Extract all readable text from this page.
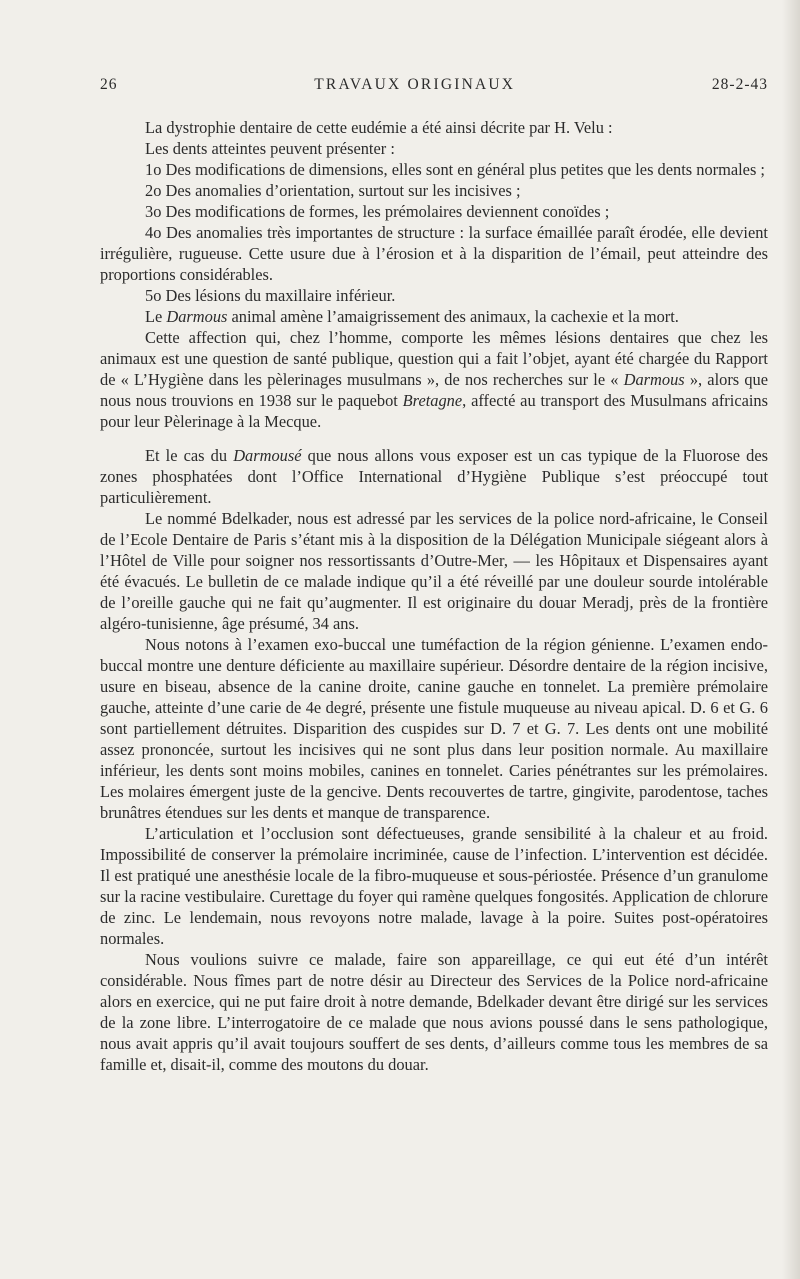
26	TRAVAUX ORIGINAUX	28-2-43

La dystrophie dentaire de cette eudémie a été ainsi décrite par H. Velu :

Les dents atteintes peuvent présenter :

1o Des modifications de dimensions, elles sont en général plus petites que les dents normales ;

2o Des anomalies d’orientation, surtout sur les incisives ;

3o Des modifications de formes, les prémolaires deviennent conoïdes ;

4o Des anomalies très importantes de structure : la surface émaillée paraît érodée, elle devient irrégulière, rugueuse. Cette usure due à l’érosion et à la disparition de l’émail, peut atteindre des proportions considérables.

5o Des lésions du maxillaire inférieur.

Le Darmous animal amène l’amaigrissement des animaux, la cachexie et la mort.

Cette affection qui, chez l’homme, comporte les mêmes lésions dentaires que chez les animaux est une question de santé publique, question qui a fait l’objet, ayant été chargée du Rapport de « L’Hygiène dans les pèlerinages musulmans », de nos recherches sur le « Darmous », alors que nous nous trouvions en 1938 sur le paquebot Bretagne, affecté au transport des Musulmans africains pour leur Pèlerinage à la Mecque.

Et le cas du Darmousé que nous allons vous exposer est un cas typique de la Fluorose des zones phosphatées dont l’Office International d’Hygiène Publique s’est préoccupé tout particulièrement.

Le nommé Bdelkader, nous est adressé par les services de la police nord-africaine, le Conseil de l’Ecole Dentaire de Paris s’étant mis à la disposition de la Délégation Municipale siégeant alors à l’Hôtel de Ville pour soigner nos ressortissants d’Outre-Mer, — les Hôpitaux et Dispensaires ayant été évacués. Le bulletin de ce malade indique qu’il a été réveillé par une douleur sourde intolérable de l’oreille gauche qui ne fait qu’augmenter. Il est originaire du douar Meradj, près de la frontière algéro-tunisienne, âge présumé, 34 ans.

Nous notons à l’examen exo-buccal une tuméfaction de la région génienne. L’examen endo-buccal montre une denture déficiente au maxillaire supérieur. Désordre dentaire de la région incisive, usure en biseau, absence de la canine droite, canine gauche en tonnelet. La première prémolaire gauche, atteinte d’une carie de 4e degré, présente une fistule muqueuse au niveau apical. D. 6 et G. 6 sont partiellement détruites. Disparition des cuspides sur D. 7 et G. 7. Les dents ont une mobilité assez prononcée, surtout les incisives qui ne sont plus dans leur position normale. Au maxillaire inférieur, les dents sont moins mobiles, canines en tonnelet. Caries pénétrantes sur les prémolaires. Les molaires émergent juste de la gencive. Dents recouvertes de tartre, gingivite, parodentose, taches brunâtres étendues sur les dents et manque de transparence.

L’articulation et l’occlusion sont défectueuses, grande sensibilité à la chaleur et au froid. Impossibilité de conserver la prémolaire incriminée, cause de l’infection. L’intervention est décidée. Il est pratiqué une anesthésie locale de la fibro-muqueuse et sous-périostée. Présence d’un granulome sur la racine vestibulaire. Curettage du foyer qui ramène quelques fongosités. Application de chlorure de zinc. Le lendemain, nous revoyons notre malade, lavage à la poire. Suites post-opératoires normales.

Nous voulions suivre ce malade, faire son appareillage, ce qui eut été d’un intérêt considérable. Nous fîmes part de notre désir au Directeur des Services de la Police nord-africaine alors en exercice, qui ne put faire droit à notre demande, Bdelkader devant être dirigé sur les services de la zone libre. L’interrogatoire de ce malade que nous avions poussé dans le sens pathologique, nous avait appris qu’il avait toujours souffert de ses dents, d’ailleurs comme tous les membres de sa famille et, disait-il, comme des moutons du douar.
